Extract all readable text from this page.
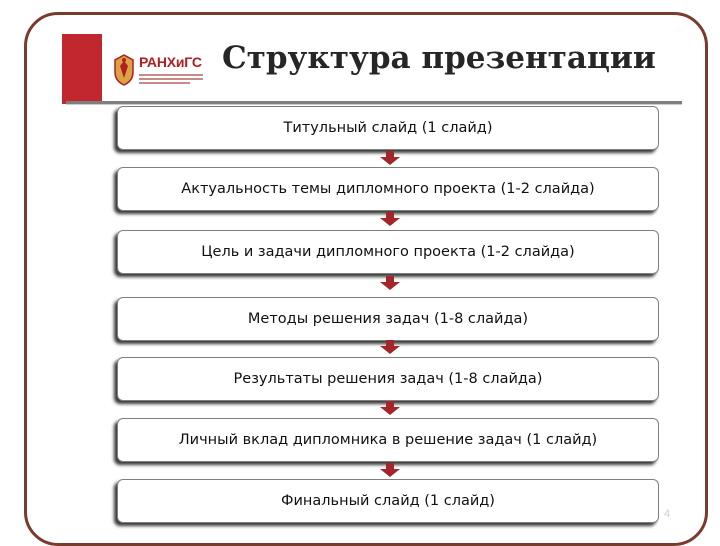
РАНХиГС Структура презентации
Титульный слайд (1 слайд)
Актуальность темы дипломного проекта (1-2 слайда)
Цель и задачи дипломного проекта (1-2 слайда)
Методы решения задач (1-8 слайда)
Результаты решения задач (1-8 слайда)
Личный вклад дипломника в решение задач (1 слайд)
Финальный слайд (1 слайд)
4
